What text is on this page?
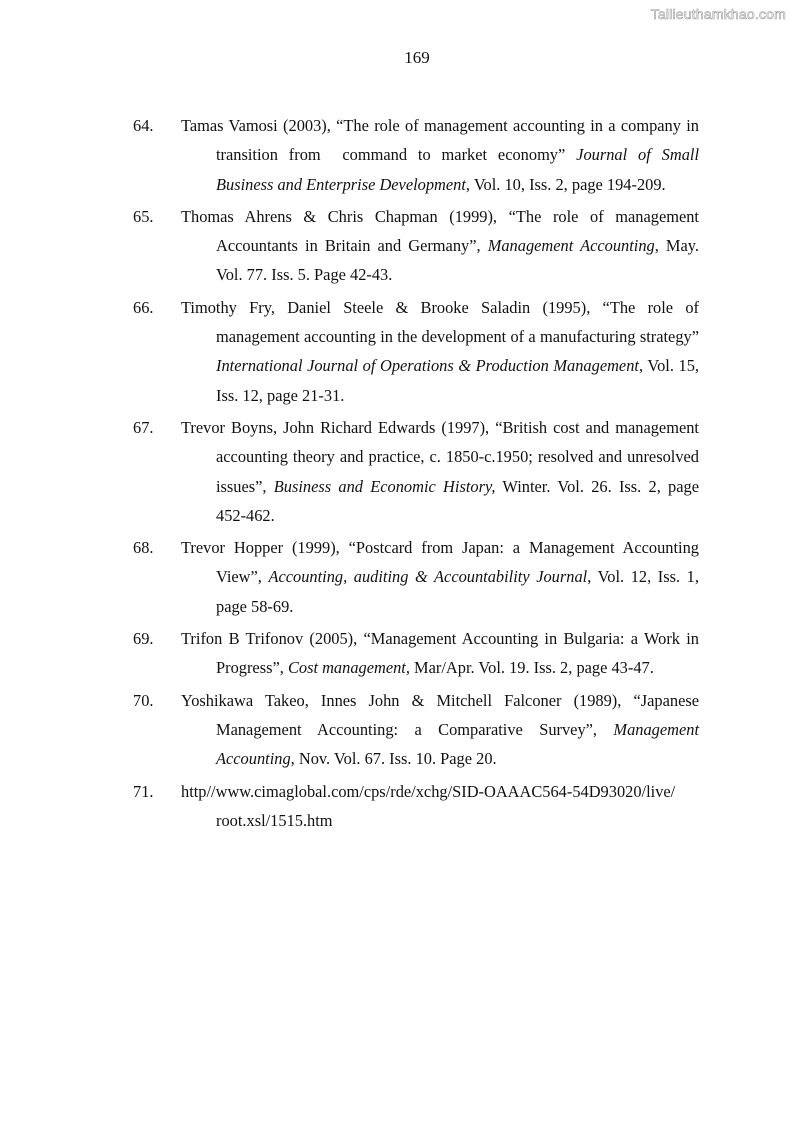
Tailieuthamkhao.com
169
64.	Tamas Vamosi (2003), “The role of management accounting in a company in transition from  command to market economy” Journal of Small Business and Enterprise Development, Vol. 10, Iss. 2, page 194-209.
65.	Thomas Ahrens & Chris Chapman (1999), “The role of management Accountants in Britain and Germany”, Management Accounting, May. Vol. 77. Iss. 5. Page 42-43.
66.	Timothy Fry, Daniel Steele & Brooke Saladin (1995), “The role of management accounting in the development of a manufacturing strategy” International Journal of Operations & Production Management, Vol. 15, Iss. 12, page 21-31.
67.	Trevor Boyns, John Richard Edwards (1997), “British cost and management accounting theory and practice, c. 1850-c.1950; resolved and unresolved issues”, Business and Economic History, Winter. Vol. 26. Iss. 2, page 452-462.
68.	Trevor Hopper (1999), “Postcard from Japan: a Management Accounting View”, Accounting, auditing & Accountability Journal, Vol. 12, Iss. 1, page 58-69.
69.	Trifon B Trifonov (2005), “Management Accounting in Bulgaria: a Work in Progress”, Cost management, Mar/Apr. Vol. 19. Iss. 2, page 43-47.
70.	Yoshikawa Takeo, Innes John & Mitchell Falconer (1989), “Japanese Management Accounting: a Comparative Survey”, Management Accounting, Nov. Vol. 67. Iss. 10. Page 20.
71.	http//www.cimaglobal.com/cps/rde/xchg/SID-OAAAC564-54D93020/live/
root.xsl/1515.htm
